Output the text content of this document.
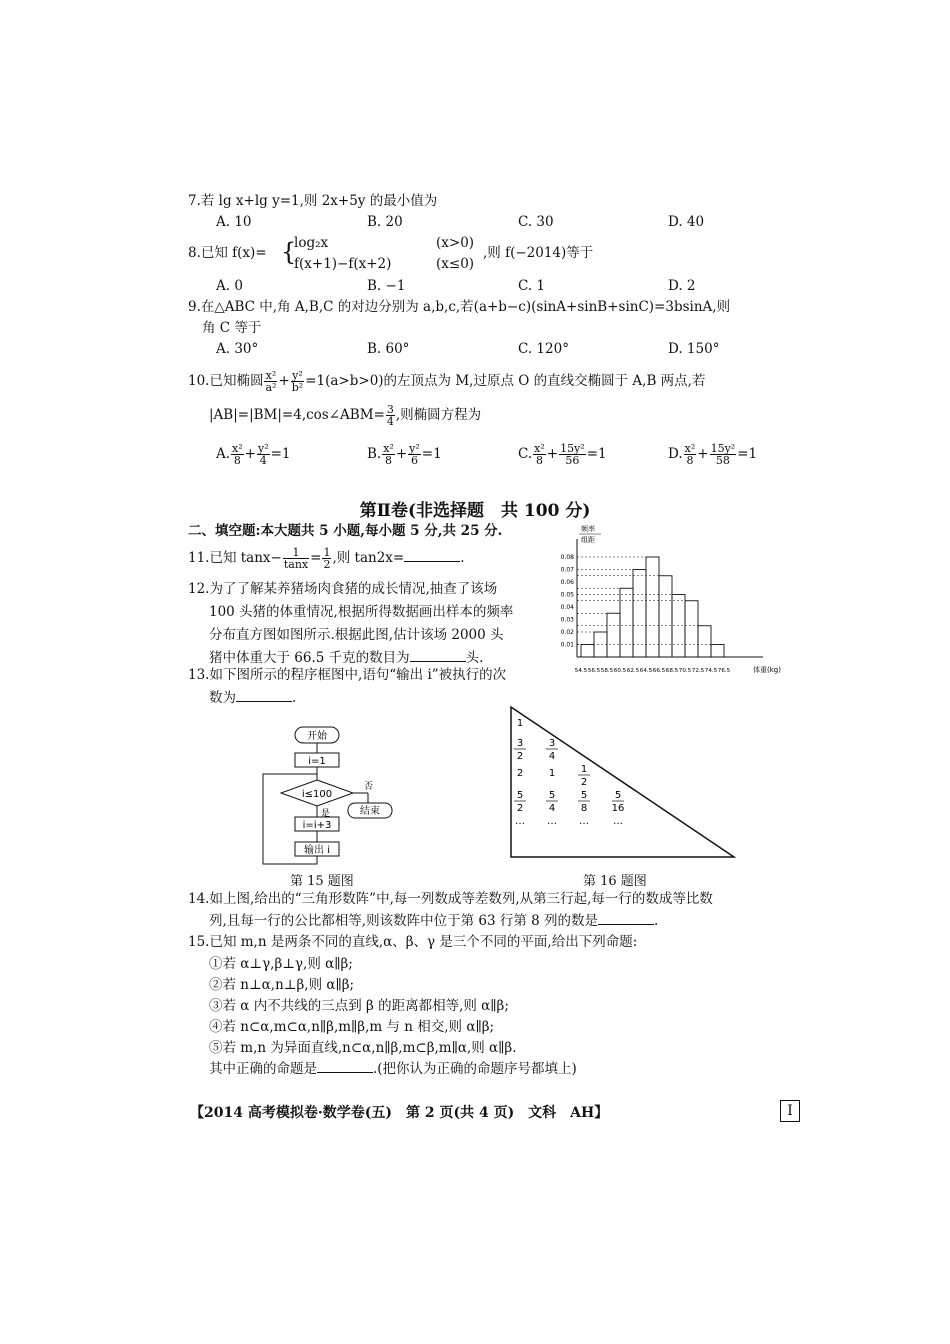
7.若 lg x+lg y=1,则 2x+5y 的最小值为
A. 10	B. 20	C. 30	D. 40
8.已知 f(x)= {
log₂x	(x>0)
f(x+1)−f(x+2)	(x≤0)
,则 f(−2014)等于
A. 0	B. −1	C. 1	D. 2
9.在△ABC 中,角 A,B,C 的对边分别为 a,b,c,若(a+b−c)(sinA+sinB+sinC)=3bsinA,则
角 C 等于
A. 30°	B. 60°	C. 120°	D. 150°
10.已知椭圆 $\frac{\text{x²}}{\text{a²}} + \frac{\text{y²}}{\text{b²}} =1(a>b>0)$的左顶点为 M,过原点 O 的直线交椭圆于 A,B 两点,若
|AB|=|BM|=4,cos∠ABM= $\frac{3}{4}$ ,则椭圆方程为
A. $\frac{\text{x²}}{8} + \frac{\text{y²}}{4} =1$	B. $\frac{\text{x²}}{8} + \frac{\text{y²}}{6} =1$	C. $\frac{\text{x²}}{8} + \frac{\text{15y²}}{56} =1$	D. $\frac{\text{x²}}{8} + \frac{\text{15y²}}{58} =1$
第Ⅱ卷(非选择题　共 100 分)
二、填空题:本大题共 5 小题,每小题 5 分,共 25 分.
11.已知 $\tan x- \frac{1}{\tan x} = \frac{1}{2}$ ,则 tan2x=	.
12.为了了解某养猪场肉食猪的成长情况,抽查了该场
100 头猪的体重情况,根据所得数据画出样本的频率
分布直方图如图所示.根据此图,估计该场 2000 头
猪中体重大于 66.5 千克的数目为	头.
13.如下图所示的程序框图中,语句“输出 i”被执行的次
数为	.
频率
组距
0.01
0.02
0.03
0.04
0.05
0.06
0.07
0.08
54.5 56.5 58.5 60.5 62.5 64.5 66.5 68.5 70.5 72.5 74.5 76.5	体重(kg)
开始
i=1
i≤100
否
结束
是
i=i+3
输出 i
1
3
2
3
4
2	1	1
2
5
2
5
4
5
8
5
16
… … … …
第 15 题图	第 16 题图
14.如上图,给出的“三角形数阵”中,每一列数成等差数列,从第三行起,每一行的数成等比数
列,且每一行的公比都相等,则该数阵中位于第 63 行第 8 列的数是	.
15.已知 m,n 是两条不同的直线,α、β、γ 是三个不同的平面,给出下列命题:
①若 α⊥γ,β⊥γ,则 α∥β;
②若 n⊥α,n⊥β,则 α∥β;
③若 α 内不共线的三点到 β 的距离都相等,则 α∥β;
④若 n⊂α,m⊂α,n∥β,m∥β,m 与 n 相交,则 α∥β;
⑤若 m,n 为异面直线,n⊂α,n∥β,m⊂β,m∥α,则 α∥β.
其中正确的命题是	.(把你认为正确的命题序号都填上)
【2014 高考模拟卷·数学卷(五)　第 2 页(共 4 页)　文科　AH】	Ⅰ
